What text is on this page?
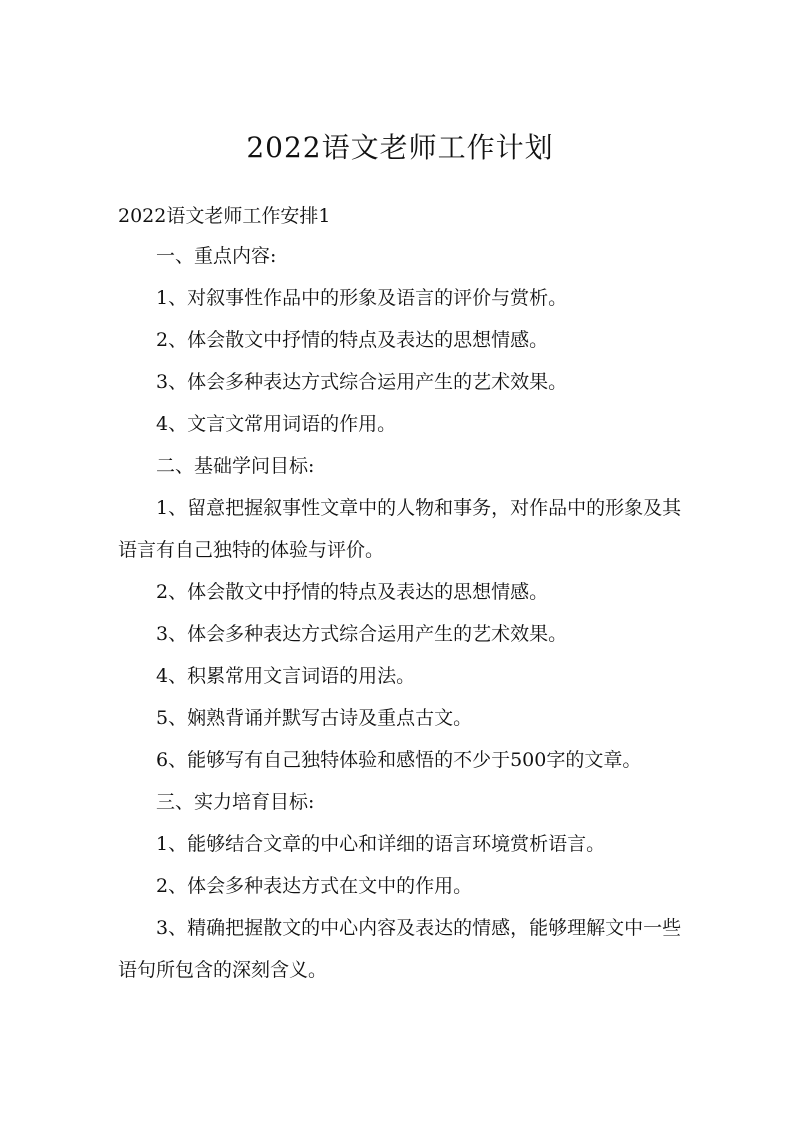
2022语文老师工作计划

2022语文老师工作安排1

一、重点内容:

1、对叙事性作品中的形象及语言的评价与赏析。

2、体会散文中抒情的特点及表达的思想情感。

3、体会多种表达方式综合运用产生的艺术效果。

4、文言文常用词语的作用。

二、基础学问目标:

1、留意把握叙事性文章中的人物和事务，对作品中的形象及其语言有自己独特的体验与评价。

2、体会散文中抒情的特点及表达的思想情感。

3、体会多种表达方式综合运用产生的艺术效果。

4、积累常用文言词语的用法。

5、娴熟背诵并默写古诗及重点古文。

6、能够写有自己独特体验和感悟的不少于500字的文章。

三、实力培育目标:

1、能够结合文章的中心和详细的语言环境赏析语言。

2、体会多种表达方式在文中的作用。

3、精确把握散文的中心内容及表达的情感，能够理解文中一些语句所包含的深刻含义。
